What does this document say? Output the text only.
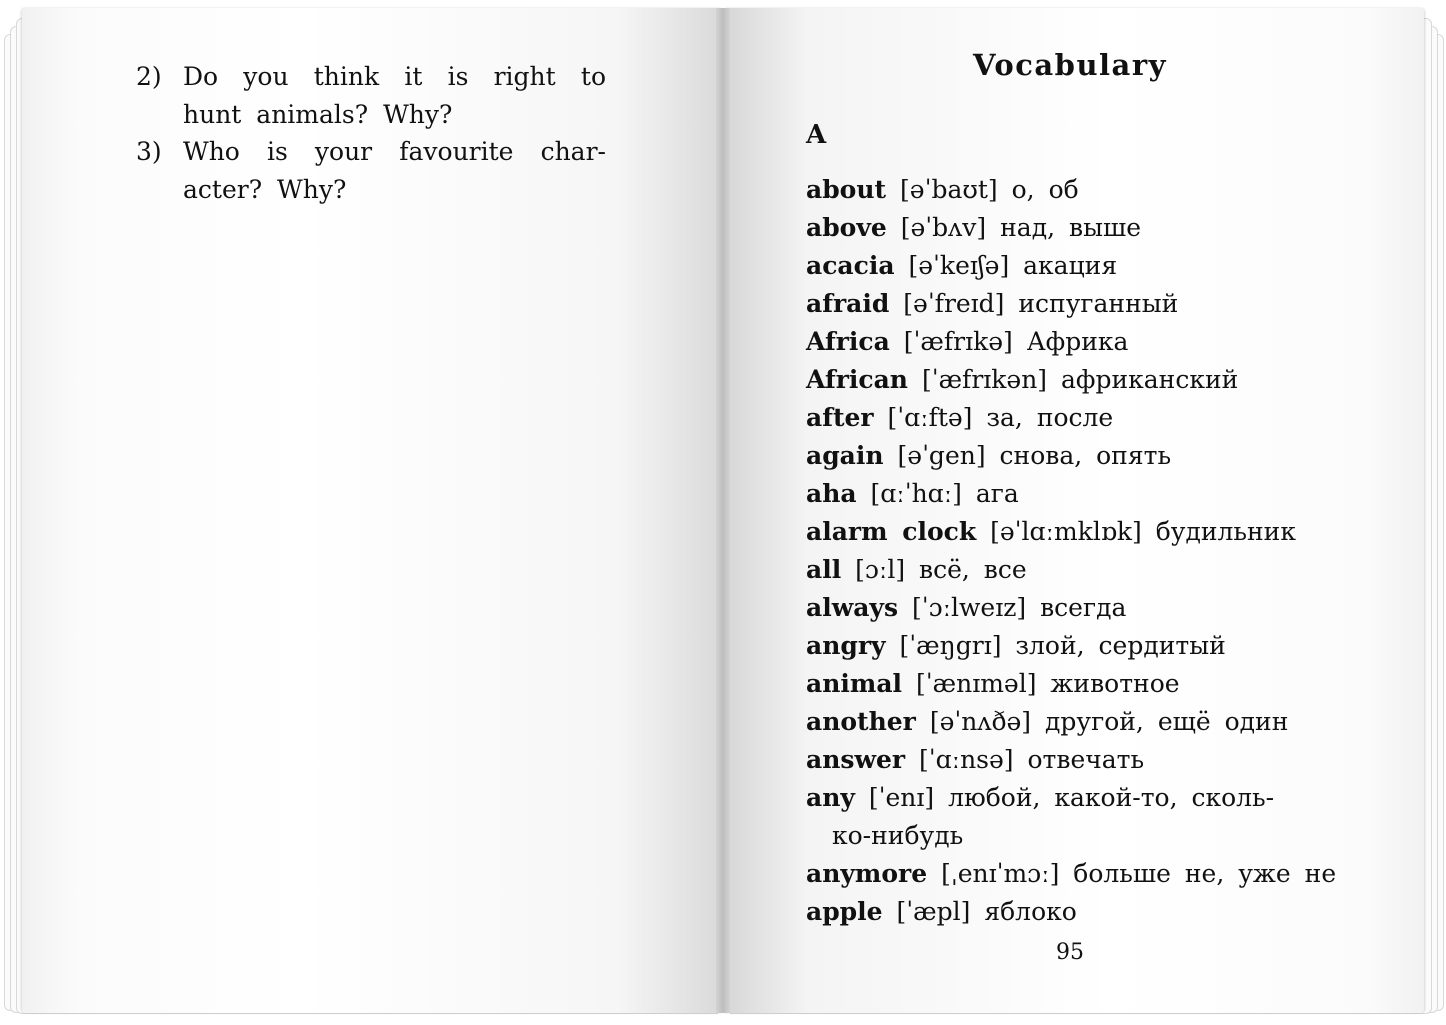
2) Do you think it is right to hunt animals? Why?
3) Who is your favourite character? Why?
Vocabulary
A
about [əˈbaʊt] о, об
above [əˈbʌv] над, выше
acacia [əˈkeɪʃə] акация
afraid [əˈfreɪd] испуганный
Africa [ˈæfrɪkə] Африка
African [ˈæfrɪkən] африканский
after [ˈɑːftə] за, после
again [əˈgen] снова, опять
aha [ɑːˈhɑː] ага
alarm clock [əˈlɑːmklɒk] будильник
all [ɔːl] всё, все
always [ˈɔːlweɪz] всегда
angry [ˈæŋgrɪ] злой, сердитый
animal [ˈænɪməl] животное
another [əˈnʌðə] другой, ещё один
answer [ˈɑːnsə] отвечать
any [ˈenɪ] любой, какой-то, сколь-
ко-нибудь
anymore [ˌenɪˈmɔː] больше не, уже не
apple [ˈæpl] яблоко
95
